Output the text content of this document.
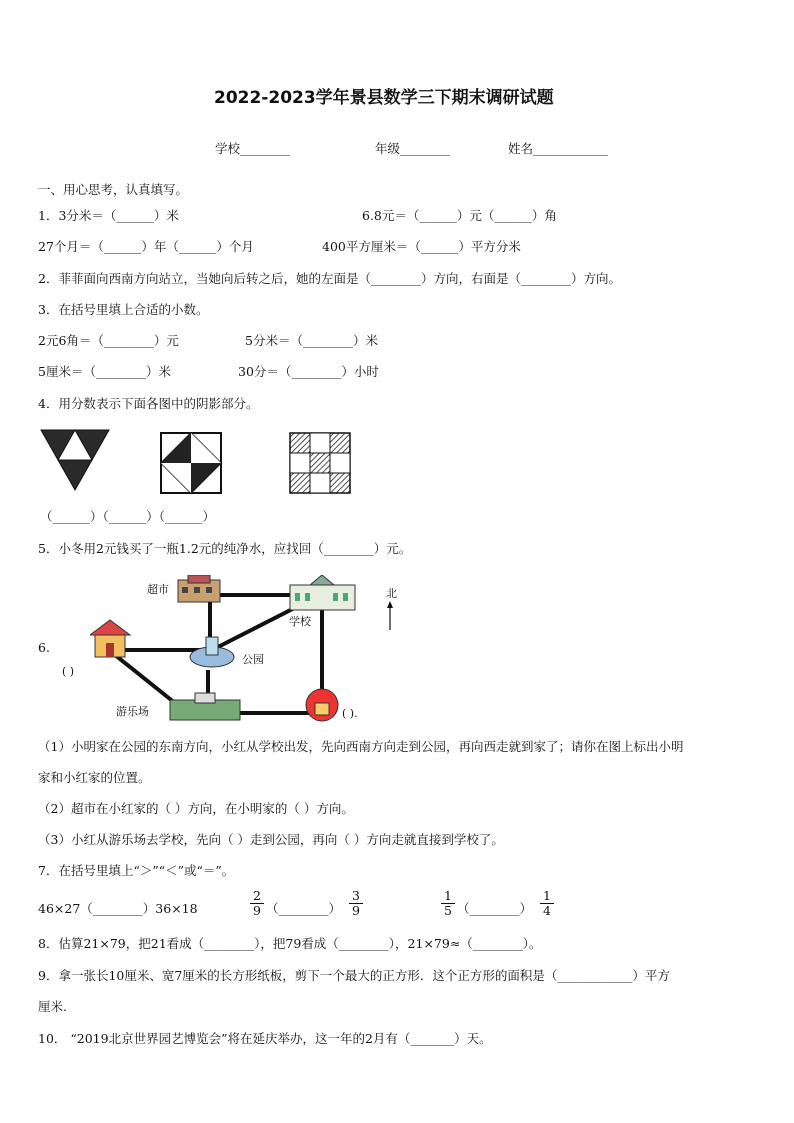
2022-2023学年景县数学三下期末调研试题
学校________	年级________	姓名____________
一、用心思考，认真填写。
1．3分米＝（______）米	6.8元＝（______）元（______）角
27个月＝（______）年（______）个月	400平方厘米＝（______）平方分米
2．菲菲面向西南方向站立，当她向后转之后，她的左面是（________）方向，右面是（________）方向。
3．在括号里填上合适的小数。
2元6角＝（________）元	5分米＝（________）米
5厘米＝（________）米	30分＝（________）小时
4．用分数表示下面各图中的阴影部分。
（______）（______）（______）
5．小冬用2元钱买了一瓶1.2元的纯净水，应找回（________）元。
6.
超市
学校
公园
游乐场
北
( )
( ).
（1）小明家在公园的东南方向，小红从学校出发，先向西南方向走到公园，再向西走就到家了；请你在图上标出小明
家和小红家的位置。
（2）超市在小红家的（ ）方向，在小明家的（ ）方向。
（3）小红从游乐场去学校，先向（ ）走到公园，再向（ ）方向走就直接到学校了。
7．在括号里填上“＞”“＜”或“＝”。
46×27（________）36×18	$\frac{2}{9}$ （________） $\frac{3}{9}$	$\frac{1}{5}$ （________） $\frac{1}{4}$
8．估算21×79，把21看成（________），把79看成（________），21×79≈（________）。
9．拿一张长10厘米、宽7厘米的长方形纸板，剪下一个最大的正方形．这个正方形的面积是（____________）平方
厘米.
10． “2019北京世界园艺博览会”将在延庆举办，这一年的2月有（_______）天。
